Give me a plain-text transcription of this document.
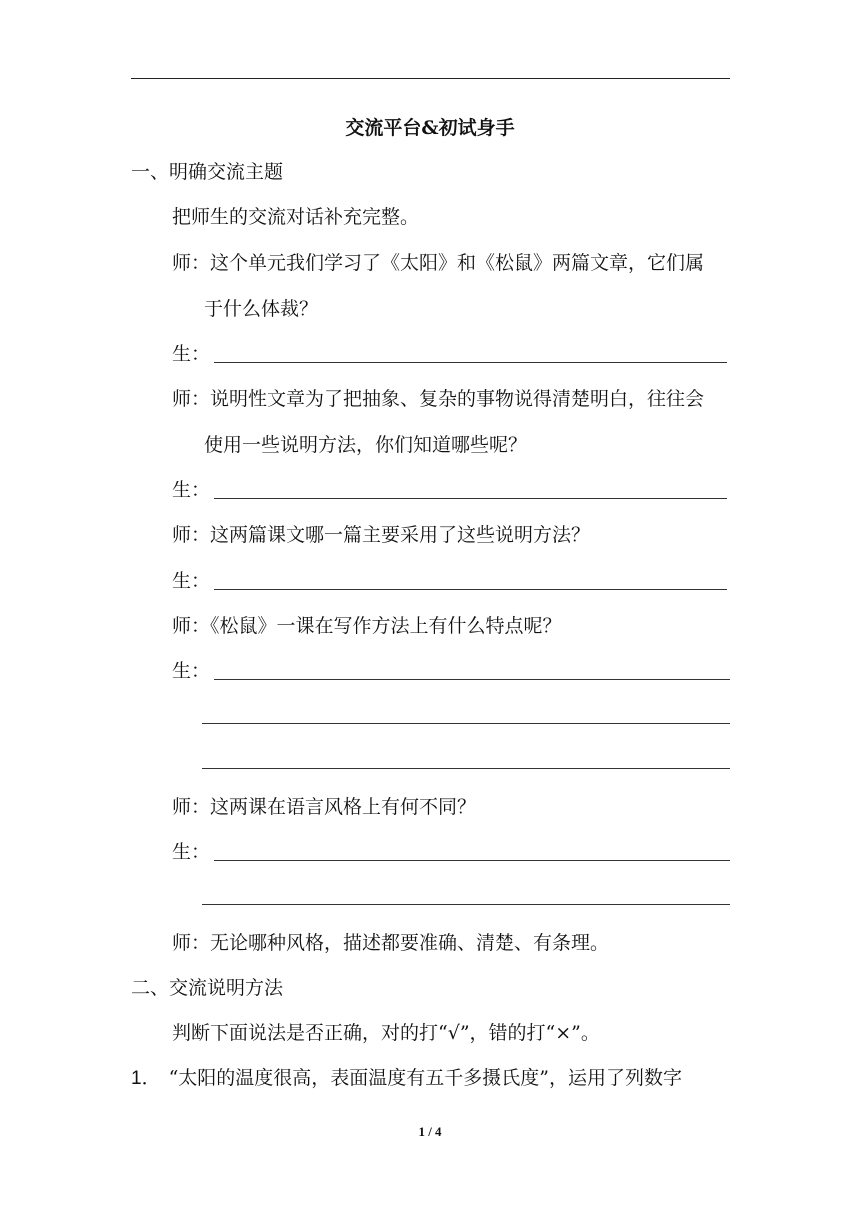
交流平台&初试身手
一、明确交流主题
把师生的交流对话补充完整。
师：这个单元我们学习了《太阳》和《松鼠》两篇文章，它们属
于什么体裁？
生：
师：说明性文章为了把抽象、复杂的事物说得清楚明白，往往会
使用一些说明方法，你们知道哪些呢？
生：
师：这两篇课文哪一篇主要采用了这些说明方法？
生：
师：《松鼠》一课在写作方法上有什么特点呢？
生：
师：这两课在语言风格上有何不同？
生：
师：无论哪种风格，描述都要准确、清楚、有条理。
二、交流说明方法
判断下面说法是否正确，对的打“√”，错的打“×”。
1． “太阳的温度很高，表面温度有五千多摄氏度”，运用了列数字
1 / 4
